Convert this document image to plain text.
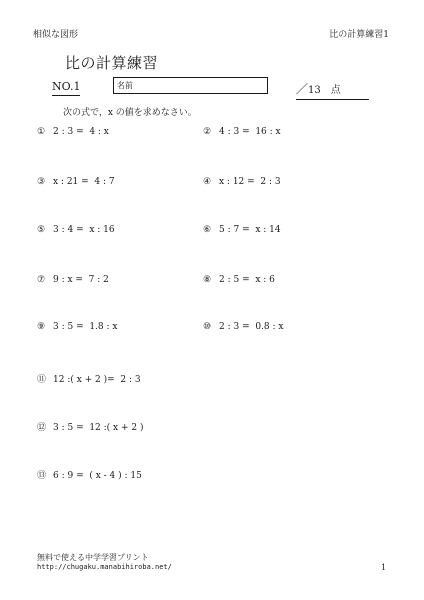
相似な図形	比の計算練習1
比の計算練習
NO.1	名前	／13　 点
次の式で，x の値を求めなさい。
① 2 : 3 =  4 : x	② 4 : 3 =  16 : x
③ x : 21 =  4 : 7	④ x : 12 =  2 : 3
⑤ 3 : 4 =  x : 16	⑥ 5 : 7 =  x : 14
⑦ 9 : x =  7 : 2	⑧ 2 : 5 =  x : 6
⑨ 3 : 5 =  1.8 : x	⑩ 2 : 3 =  0.8 : x
⑪ 12 :( x + 2 )=  2 : 3
⑫ 3 : 5 =  12 :( x + 2 )
⑬ 6 : 9 =  ( x - 4 ) : 15
無料で使える中学学習プリント
http://chugaku.manabihiroba.net/	1
